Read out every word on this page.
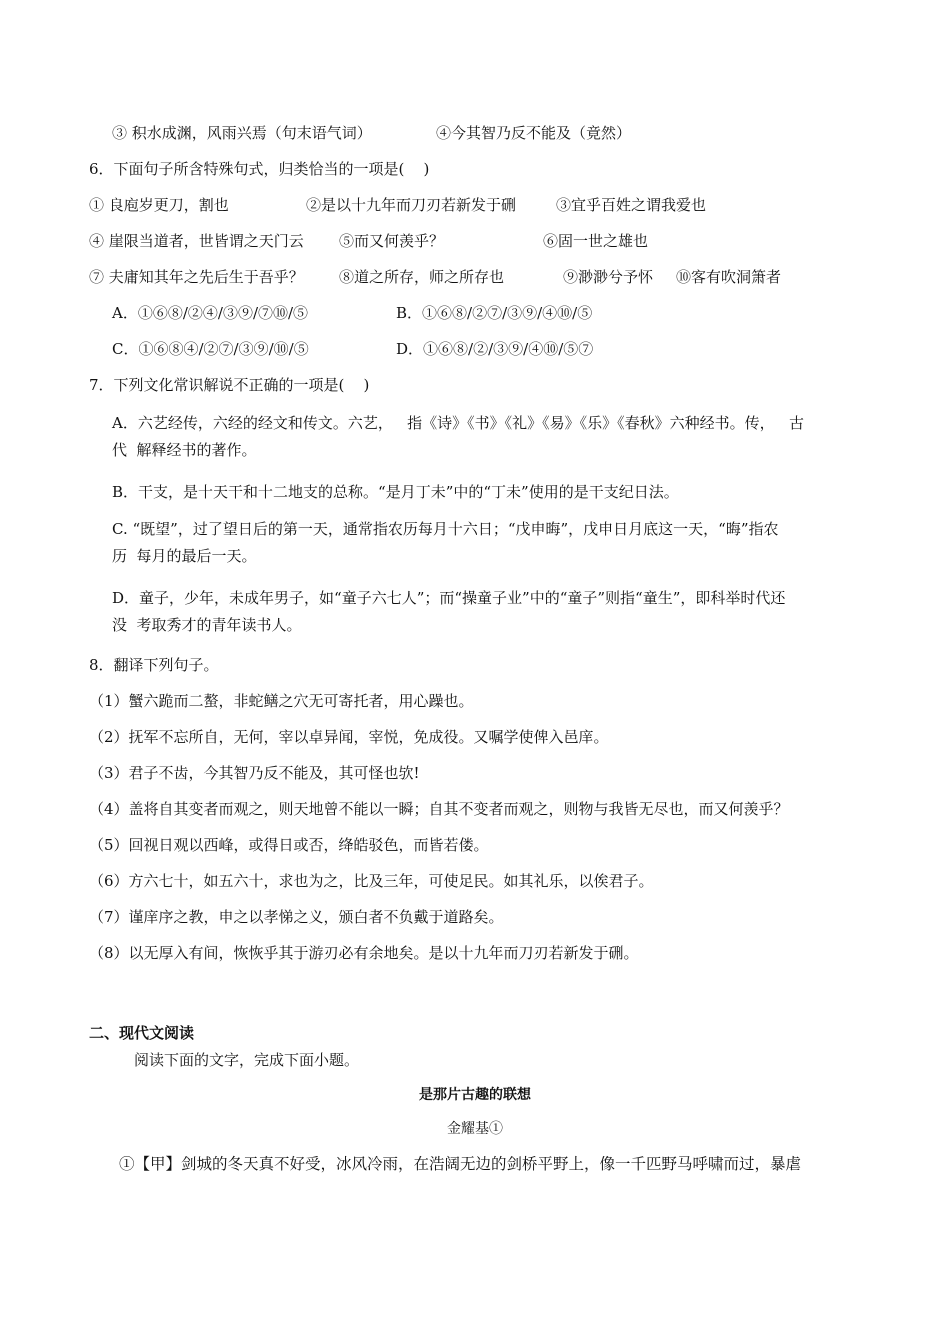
③ 积水成渊，风雨兴焉（句末语气词）	④今其智乃反不能及（竟然）
6．下面句子所含特殊句式，归类恰当的一项是(    )
① 良庖岁更刀，割也	②是以十九年而刀刃若新发于硎	③宜乎百姓之谓我爱也
④ 崖限当道者，世皆谓之天门云 ⑤而又何羡乎？	⑥固一世之雄也
⑦ 夫庸知其年之先后生于吾乎？ ⑧道之所存，师之所存也	⑨渺渺兮予怀 ⑩客有吹洞箫者
A．①⑥⑧/②④/③⑨/⑦⑩/⑤	B．①⑥⑧/②⑦/③⑨/④⑩/⑤
C．①⑥⑧④/②⑦/③⑨/⑩/⑤	D．①⑥⑧/②/③⑨/④⑩/⑤⑦
7．下列文化常识解说不正确的一项是(    )
A．六艺经传，六经的经文和传文。六艺，   指《诗》《书》《礼》《易》《乐》《春秋》六种经书。传，   古
代  解释经书的著作。
B．干支，是十天干和十二地支的总称。“是月丁未”中的“丁未”使用的是干支纪日法。
C. “既望”，过了望日后的第一天，通常指农历每月十六日；“戊申晦”，戊申日月底这一天，“晦”指农
历  每月的最后一天。
D．童子，少年，未成年男子，如“童子六七人”；而“操童子业”中的“童子”则指“童生”，即科举时代还
没  考取秀才的青年读书人。
8．翻译下列句子。
（1）蟹六跪而二螯，非蛇鳝之穴无可寄托者，用心躁也。
（2）抚军不忘所自，无何，宰以卓异闻，宰悦，免成役。又嘱学使俾入邑庠。
（3）君子不齿，今其智乃反不能及，其可怪也欤!
（4）盖将自其变者而观之，则天地曾不能以一瞬；自其不变者而观之，则物与我皆无尽也，而又何羡乎？
（5）回视日观以西峰，或得日或否，绛皓驳色，而皆若偻。
（6）方六七十，如五六十，求也为之，比及三年，可使足民。如其礼乐，以俟君子。
（7）谨庠序之教，申之以孝悌之义，颁白者不负戴于道路矣。
（8）以无厚入有间，恢恢乎其于游刃必有余地矣。是以十九年而刀刃若新发于硎。
二、现代文阅读
阅读下面的文字，完成下面小题。
是那片古趣的联想
金耀基①
①【甲】剑城的冬天真不好受，冰风冷雨，在浩阔无边的剑桥平野上，像一千匹野马呼啸而过，暴虐
